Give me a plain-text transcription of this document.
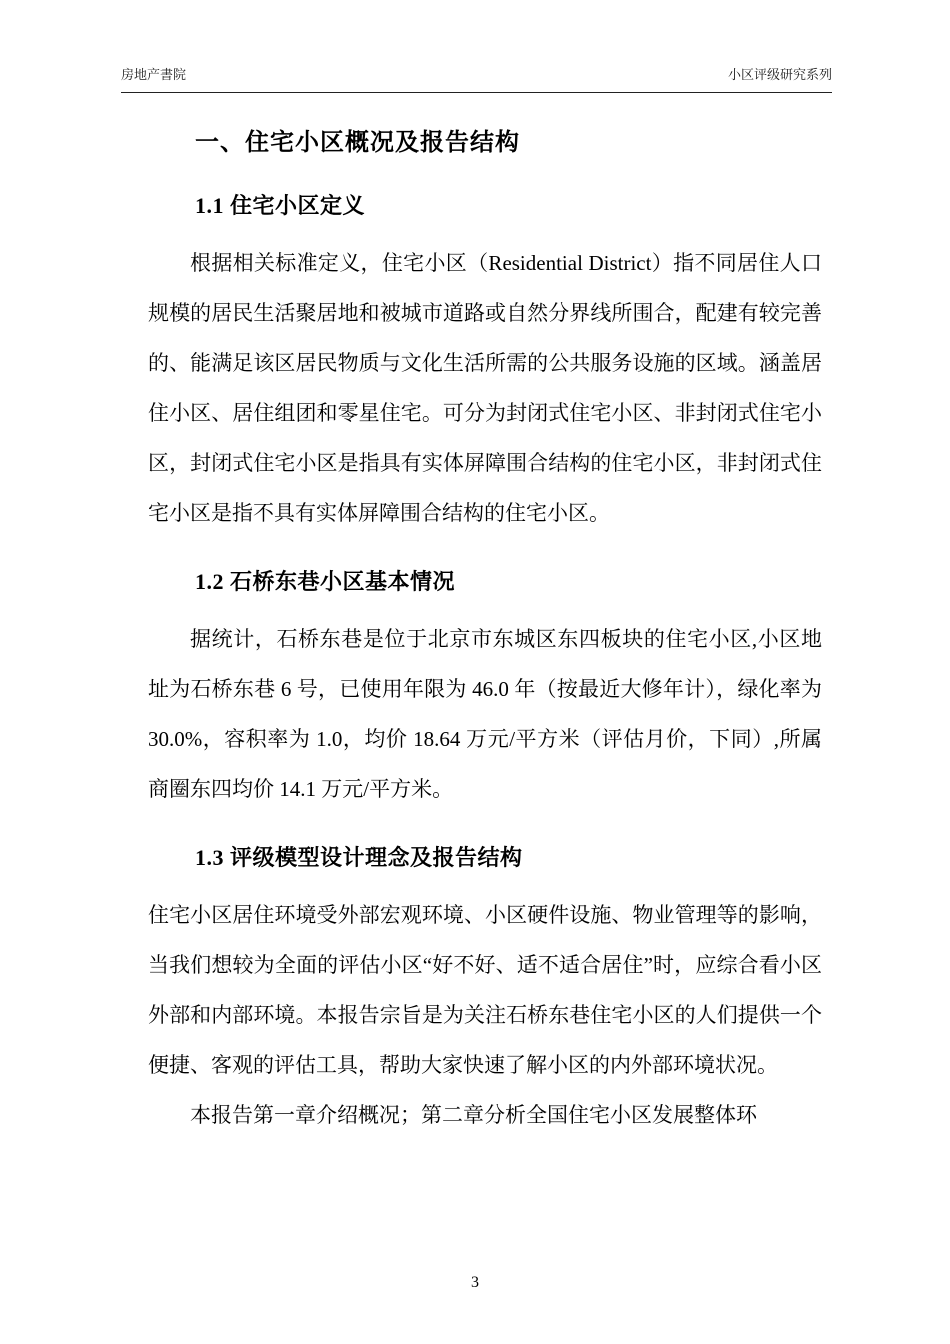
房地产書院	小区评级研究系列
一、住宅小区概况及报告结构
1.1 住宅小区定义

根据相关标准定义，住宅小区（Residential District）指不同居住人口规模的居民生活聚居地和被城市道路或自然分界线所围合，配建有较完善的、能满足该区居民物质与文化生活所需的公共服务设施的区域。涵盖居住小区、居住组团和零星住宅。可分为封闭式住宅小区、非封闭式住宅小区，封闭式住宅小区是指具有实体屏障围合结构的住宅小区，非封闭式住宅小区是指不具有实体屏障围合结构的住宅小区。

1.2 石桥东巷小区基本情况

据统计，石桥东巷是位于北京市东城区东四板块的住宅小区,小区地址为石桥东巷 6 号，已使用年限为 46.0 年（按最近大修年计），绿化率为 30.0%，容积率为 1.0，均价 18.64 万元/平方米（评估月价，下同）,所属商圈东四均价 14.1 万元/平方米。

1.3 评级模型设计理念及报告结构

住宅小区居住环境受外部宏观环境、小区硬件设施、物业管理等的影响，当我们想较为全面的评估小区“好不好、适不适合居住”时，应综合看小区外部和内部环境。本报告宗旨是为关注石桥东巷住宅小区的人们提供一个便捷、客观的评估工具，帮助大家快速了解小区的内外部环境状况。

本报告第一章介绍概况；第二章分析全国住宅小区发展整体环

3
